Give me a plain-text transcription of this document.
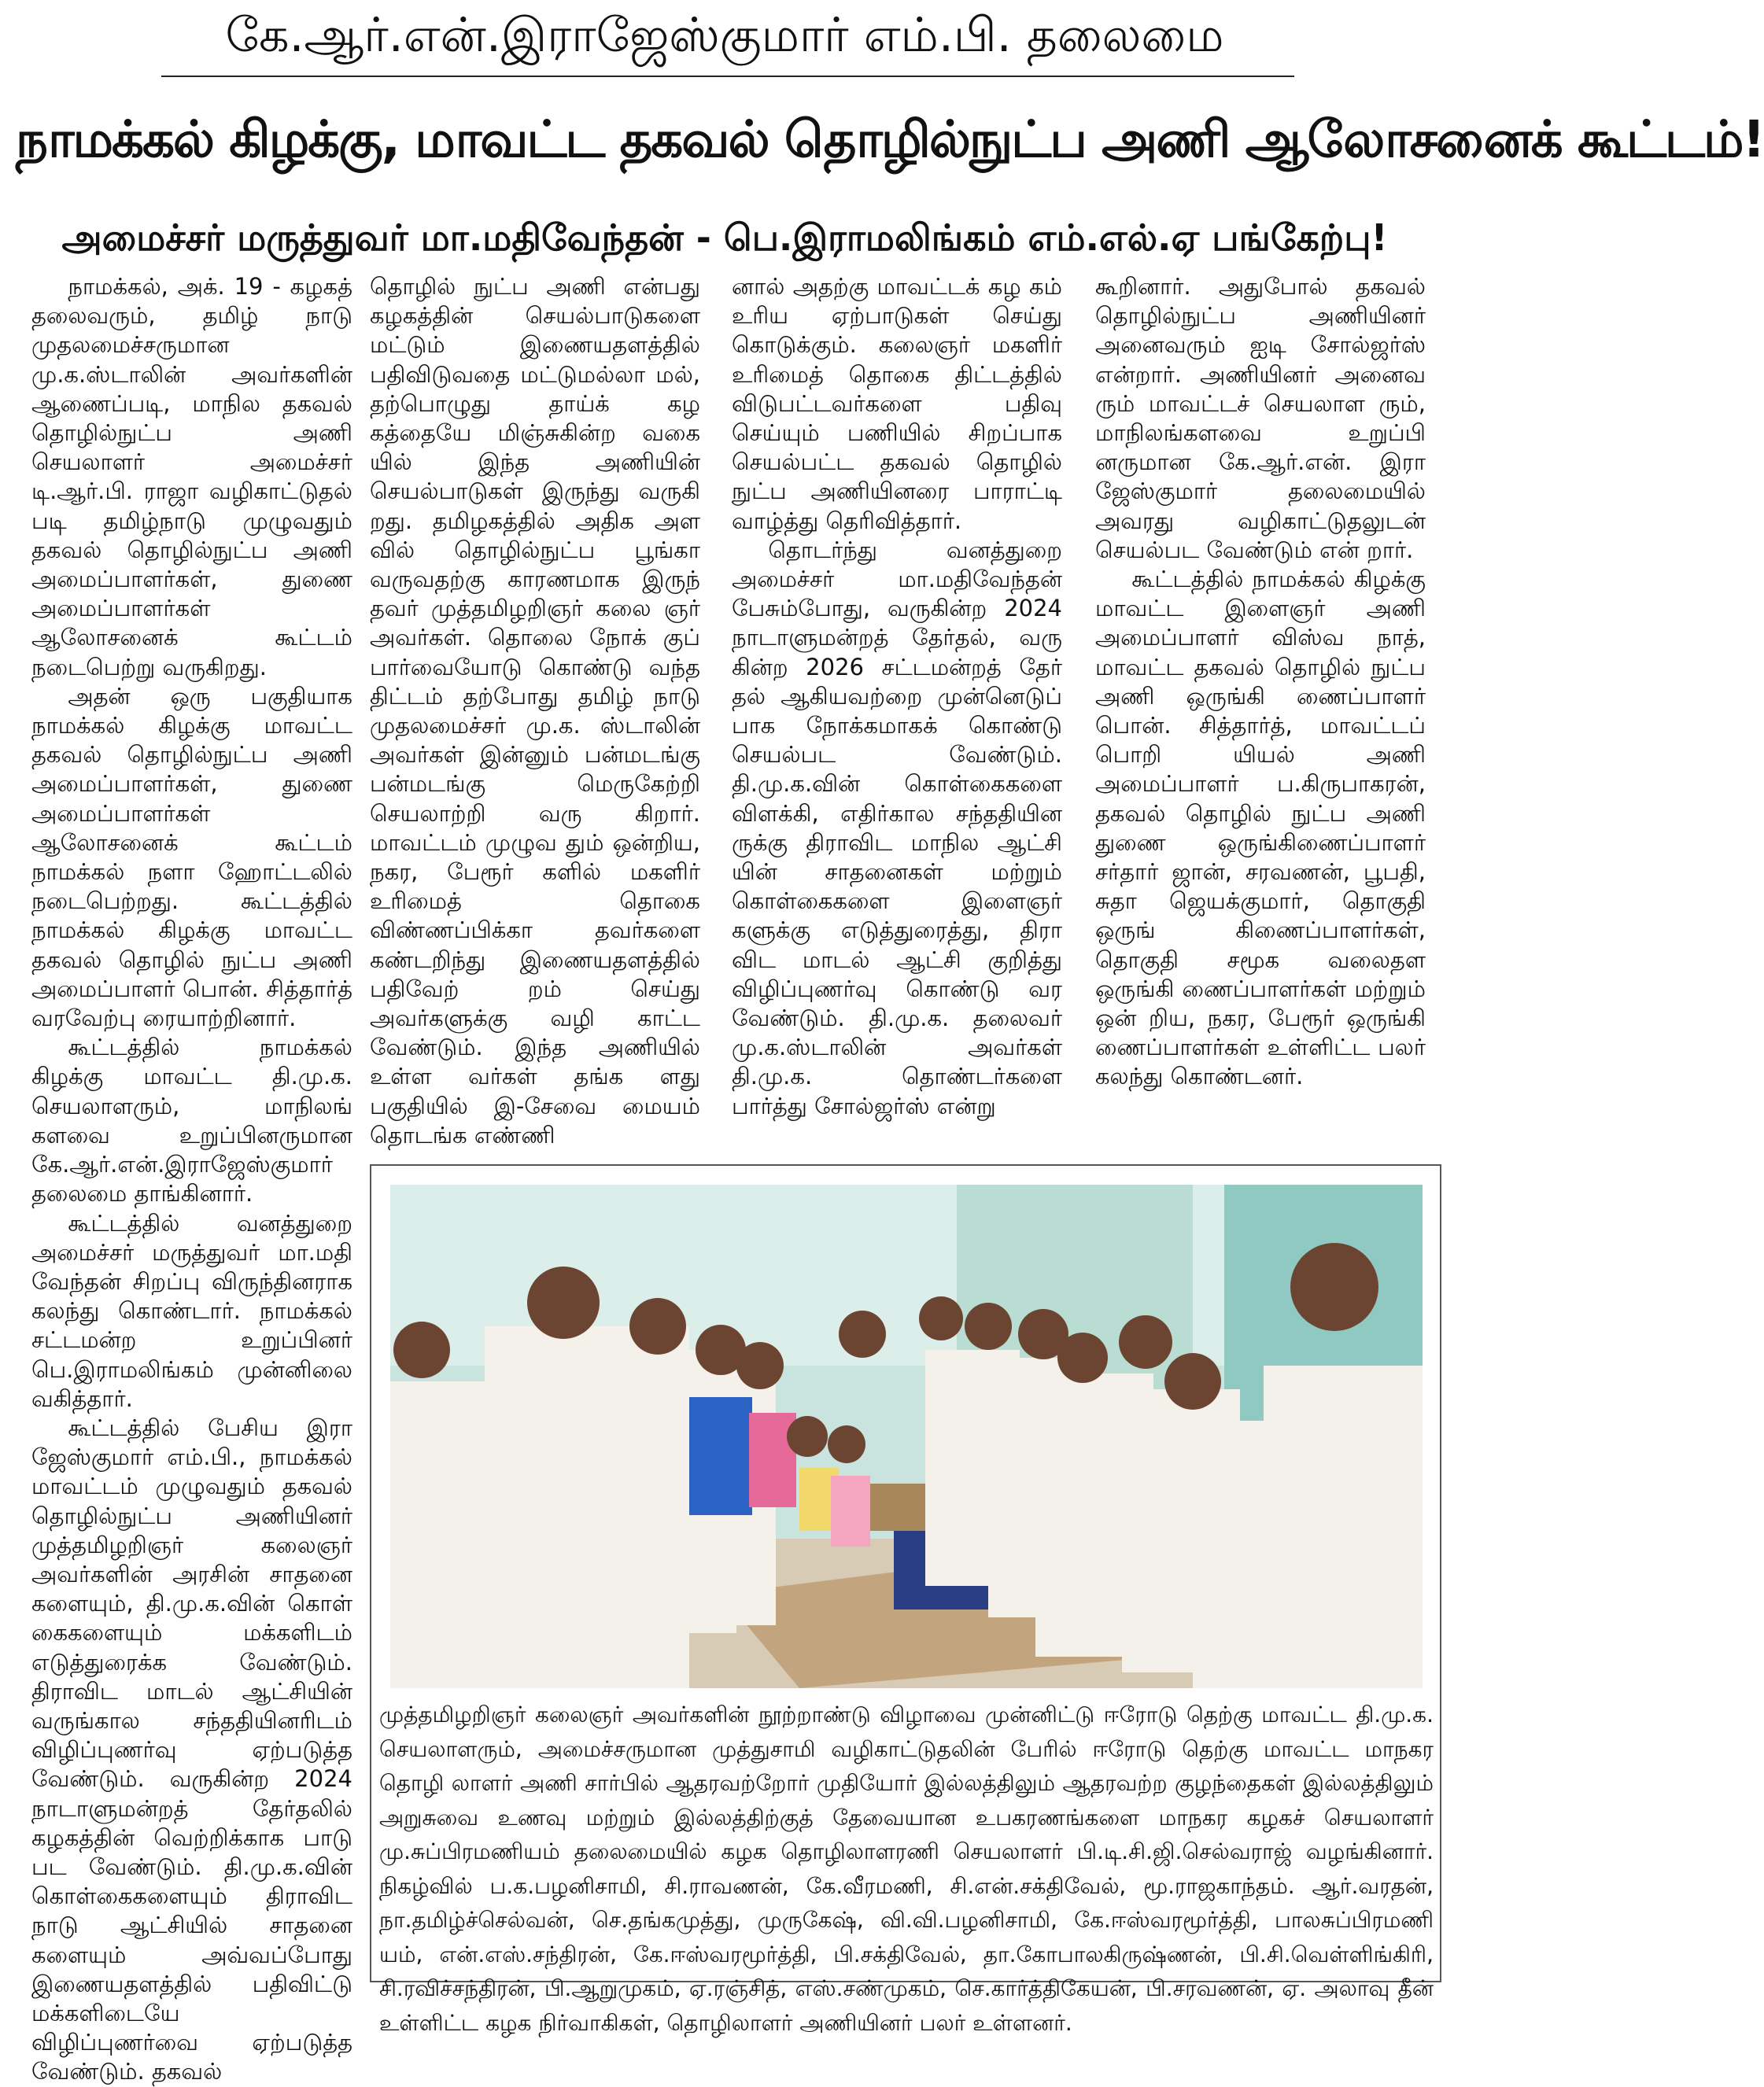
கே.ஆர்.என்.இராஜேஸ்குமார் எம்.பி. தலைமை
நாமக்கல் கிழக்கு, மாவட்ட தகவல் தொழில்நுட்ப அணி ஆலோசனைக் கூட்டம்!
அமைச்சர் மருத்துவர் மா.மதிவேந்தன் - பெ.இராமலிங்கம் எம்.எல்.ஏ பங்கேற்பு!

நாமக்கல், அக். 19 - கழகத் தலைவரும், தமிழ் நாடு முதலமைச்சருமான மு.க.ஸ்டாலின் அவர்களின் ஆணைப்படி, மாநில தகவல் தொழில்நுட்ப அணி செயலாளர் அமைச்சர் டி.ஆர்.பி. ராஜா வழிகாட்டுதல் படி தமிழ்நாடு முழுவதும் தகவல் தொழில்நுட்ப அணி அமைப்பாளர்கள், துணை அமைப்பாளர்கள் ஆலோசனைக் கூட்டம் நடைபெற்று வருகிறது.

அதன் ஒரு பகுதியாக நாமக்கல் கிழக்கு மாவட்ட தகவல் தொழில்நுட்ப அணி அமைப்பாளர்கள், துணை அமைப்பாளர்கள் ஆலோசனைக் கூட்டம் நாமக்கல் நளா ஹோட்டலில் நடைபெற்றது. கூட்டத்தில் நாமக்கல் கிழக்கு மாவட்ட தகவல் தொழில் நுட்ப அணி அமைப்பாளர் பொன். சித்தார்த் வரவேற்பு ரையாற்றினார்.

கூட்டத்தில் நாமக்கல் கிழக்கு மாவட்ட தி.மு.க. செயலாளரும், மாநிலங் களவை உறுப்பினருமான கே.ஆர்.என்.இராஜேஸ்குமார் தலைமை தாங்கினார்.

கூட்டத்தில் வனத்துறை அமைச்சர் மருத்துவர் மா.மதி வேந்தன் சிறப்பு விருந்தினராக கலந்து கொண்டார். நாமக்கல் சட்டமன்ற உறுப்பினர் பெ.இராமலிங்கம் முன்னிலை வகித்தார்.

கூட்டத்தில் பேசிய இரா ஜேஸ்குமார் எம்.பி., நாமக்கல் மாவட்டம் முழுவதும் தகவல் தொழில்நுட்ப அணியினர் முத்தமிழறிஞர் கலைஞர் அவர்களின் அரசின் சாதனை களையும், தி.மு.க.வின் கொள் கைகளையும் மக்களிடம் எடுத்துரைக்க வேண்டும். திராவிட மாடல் ஆட்சியின் வருங்கால சந்ததியினரிடம் விழிப்புணர்வு ஏற்படுத்த வேண்டும். வருகின்ற 2024 நாடாளுமன்றத் தேர்தலில் கழகத்தின் வெற்றிக்காக பாடு பட வேண்டும். தி.மு.க.வின் கொள்கைகளையும் திராவிட நாடு ஆட்சியில் சாதனை களையும் அவ்வப்போது இணையதளத்தில் பதிவிட்டு மக்களிடையே விழிப்புணர்வை ஏற்படுத்த வேண்டும். தகவல்

தொழில் நுட்ப அணி என்பது கழகத்தின் செயல்பாடுகளை மட்டும் இணையதளத்தில் பதிவிடுவதை மட்டுமல்லா மல், தற்பொழுது தாய்க் கழ கத்தையே மிஞ்சுகின்ற வகை யில் இந்த அணியின் செயல்பாடுகள் இருந்து வருகி றது. தமிழகத்தில் அதிக அள வில் தொழில்நுட்ப பூங்கா வருவதற்கு காரணமாக இருந் தவர் முத்தமிழறிஞர் கலை ஞர் அவர்கள். தொலை நோக் குப் பார்வையோடு கொண்டு வந்த திட்டம் தற்போது தமிழ் நாடு முதலமைச்சர் மு.க. ஸ்டாலின் அவர்கள் இன்னும் பன்மடங்கு பன்மடங்கு மெருகேற்றி செயலாற்றி வரு கிறார். மாவட்டம் முழுவ தும் ஒன்றிய, நகர, பேரூர் களில் மகளிர் உரிமைத் தொகை விண்ணப்பிக்கா தவர்களை கண்டறிந்து இணையதளத்தில் பதிவேற் றம் செய்து அவர்களுக்கு வழி காட்ட வேண்டும். இந்த அணியில் உள்ள வர்கள் தங்க ளது பகுதியில் இ-சேவை மையம் தொடங்க எண்ணி

னால் அதற்கு மாவட்டக் கழ கம் உரிய ஏற்பாடுகள் செய்து கொடுக்கும். கலைஞர் மகளிர் உரிமைத் தொகை திட்டத்தில் விடுபட்டவர்களை பதிவு செய்யும் பணியில் சிறப்பாக செயல்பட்ட தகவல் தொழில் நுட்ப அணியினரை பாராட்டி வாழ்த்து தெரிவித்தார்.

தொடர்ந்து வனத்துறை அமைச்சர் மா.மதிவேந்தன் பேசும்போது, வருகின்ற 2024 நாடாளுமன்றத் தேர்தல், வரு கின்ற 2026 சட்டமன்றத் தேர் தல் ஆகியவற்றை முன்னெடுப் பாக நோக்கமாகக் கொண்டு செயல்பட வேண்டும். தி.மு.க.வின் கொள்கைகளை விளக்கி, எதிர்கால சந்ததியின ருக்கு திராவிட மாநில ஆட்சி யின் சாதனைகள் மற்றும் கொள்கைகளை இளைஞர் களுக்கு எடுத்துரைத்து, திரா விட மாடல் ஆட்சி குறித்து விழிப்புணர்வு கொண்டு வர வேண்டும். தி.மு.க. தலைவர் மு.க.ஸ்டாலின் அவர்கள் தி.மு.க. தொண்டர்களை பார்த்து சோல்ஜர்ஸ் என்று

கூறினார். அதுபோல் தகவல் தொழில்நுட்ப அணியினர் அனைவரும் ஐடி சோல்ஜர்ஸ் என்றார். அணியினர் அனைவ ரும் மாவட்டச் செயலாள ரும், மாநிலங்களவை உறுப்பி னருமான கே.ஆர்.என். இரா ஜேஸ்குமார் தலைமையில் அவரது வழிகாட்டுதலுடன் செயல்பட வேண்டும் என் றார்.

கூட்டத்தில் நாமக்கல் கிழக்கு மாவட்ட இளைஞர் அணி அமைப்பாளர் விஸ்வ நாத், மாவட்ட தகவல் தொழில் நுட்ப அணி ஒருங்கி ணைப்பாளர் பொன். சித்தார்த், மாவட்டப் பொறி யியல் அணி அமைப்பாளர் ப.கிருபாகரன், தகவல் தொழில் நுட்ப அணி துணை ஒருங்கிணைப்பாளர் சர்தார் ஜான், சரவணன், பூபதி, சுதா ஜெயக்குமார், தொகுதி ஒருங் கிணைப்பாளர்கள், தொகுதி சமூக வலைதள ஒருங்கி ணைப்பாளர்கள் மற்றும் ஒன் றிய, நகர, பேரூர் ஒருங்கி ணைப்பாளர்கள் உள்ளிட்ட பலர் கலந்து கொண்டனர்.

முத்தமிழறிஞர் கலைஞர் அவர்களின் நூற்றாண்டு விழாவை முன்னிட்டு ஈரோடு தெற்கு மாவட்ட தி.மு.க. செயலாளரும், அமைச்சருமான முத்துசாமி வழிகாட்டுதலின் பேரில் ஈரோடு தெற்கு மாவட்ட மாநகர தொழி லாளர் அணி சார்பில் ஆதரவற்றோர் முதியோர் இல்லத்திலும் ஆதரவற்ற குழந்தைகள் இல்லத்திலும் அறுசுவை உணவு மற்றும் இல்லத்திற்குத் தேவையான உபகரணங்களை மாநகர கழகச் செயலாளர் மு.சுப்பிரமணியம் தலைமையில் கழக தொழிலாளரணி செயலாளர் பி.டி.சி.ஜி.செல்வராஜ் வழங்கினார். நிகழ்வில் ப.க.பழனிசாமி, சி.ராவணன், கே.வீரமணி, சி.என்.சக்திவேல், மூ.ராஜகாந்தம். ஆர்.வரதன், நா.தமிழ்ச்செல்வன், செ.தங்கமுத்து, முருகேஷ், வி.வி.பழனிசாமி, கே.ஈஸ்வரமூர்த்தி, பாலசுப்பிரமணி யம், என்.எஸ்.சந்திரன், கே.ஈஸ்வரமூர்த்தி, பி.சக்திவேல், தா.கோபாலகிருஷ்ணன், பி.சி.வெள்ளிங்கிரி, சி.ரவிச்சந்திரன், பி.ஆறுமுகம், ஏ.ரஞ்சித், எஸ்.சண்முகம், செ.கார்த்திகேயன், பி.சரவணன், ஏ. அலாவு தீன் உள்ளிட்ட கழக நிர்வாகிகள், தொழிலாளர் அணியினர் பலர் உள்ளனர்.
